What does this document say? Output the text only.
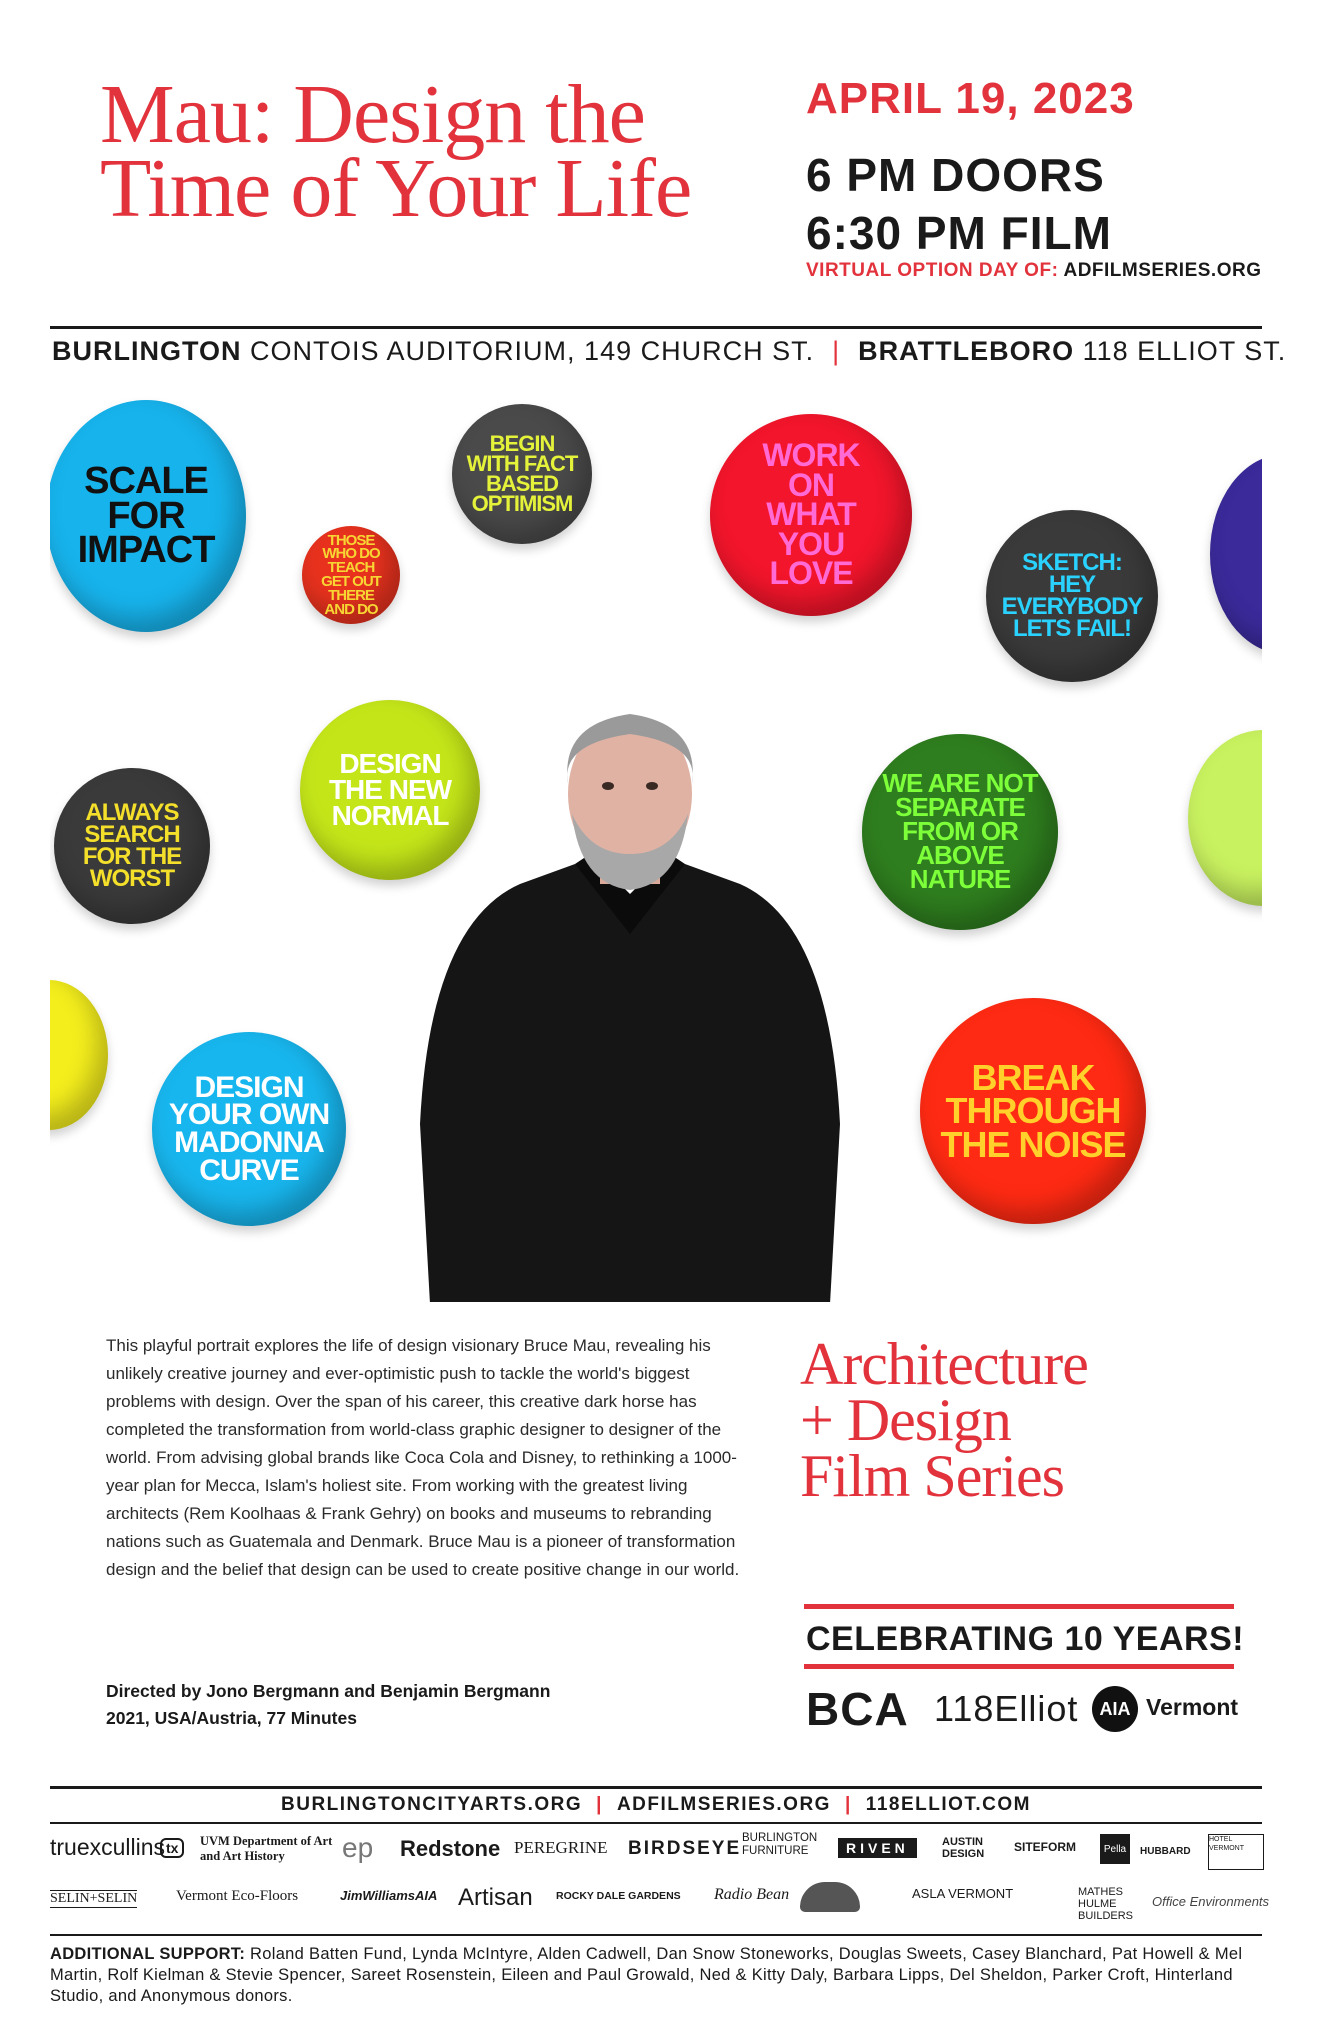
Mau: Design the
Time of Your Life
APRIL 19, 2023
6 PM DOORS
6:30 PM FILM
VIRTUAL OPTION DAY OF: ADFILMSERIES.ORG
BURLINGTON CONTOIS AUDITORIUM, 149 CHURCH ST. | BRATTLEBORO 118 ELLIOT ST.
SCALE FOR IMPACT	THOSE WHO DO TEACH GET OUT THERE AND DO
BEGIN WITH FACT BASED OPTIMISM
WORK ON WHAT YOU LOVE	SKETCH: HEY EVERYBODY LETS FAIL!
DESIGN THE NEW NORMAL
ALWAYS SEARCH FOR THE WORST
WE ARE NOT SEPARATE FROM OR ABOVE NATURE
DESIGN YOUR OWN MADONNA CURVE
BREAK THROUGH THE NOISE
This playful portrait explores the life of design visionary Bruce Mau, revealing his unlikely creative journey and ever-optimistic push to tackle the world's biggest problems with design. Over the span of his career, this creative dark horse has completed the transformation from world-class graphic designer to designer of the world. From advising global brands like Coca Cola and Disney, to rethinking a 1000-year plan for Mecca, Islam's holiest site. From working with the greatest living architects (Rem Koolhaas & Frank Gehry) on books and museums to rebranding nations such as Guatemala and Denmark. Bruce Mau is a pioneer of transformation design and the belief that design can be used to create positive change in our world.
Directed by Jono Bergmann and Benjamin Bergmann
2021, USA/Austria, 77 Minutes
Architecture
+ Design
Film Series
CELEBRATING 10 YEARS!
BCA 118Elliot	AIA Vermont
BURLINGTONCITYARTS.ORG | ADFILMSERIES.ORG | 118ELLIOT.COM
truexcullins tx	UVM Department of Art and Art History	ep Redstone PEREGRINE BIRDSEYE BURLINGTON FURNITURE	RIVEN	AUSTIN DESIGN	SITEFORM	Pella	HUBBARD
HOTEL VERMONT
SELIN+SELIN	Vermont Eco-Floors	JimWilliamsAIA Artisan ROCKY DALE GARDENS Radio Bean	ASLA VERMONT	MATHES HULME BUILDERS
Office Environments
ADDITIONAL SUPPORT: Roland Batten Fund, Lynda McIntyre, Alden Cadwell, Dan Snow Stoneworks, Douglas Sweets, Casey Blanchard, Pat Howell & Mel Martin, Rolf Kielman & Stevie Spencer, Sareet Rosenstein, Eileen and Paul Growald, Ned & Kitty Daly, Barbara Lipps, Del Sheldon, Parker Croft, Hinterland Studio, and Anonymous donors.
